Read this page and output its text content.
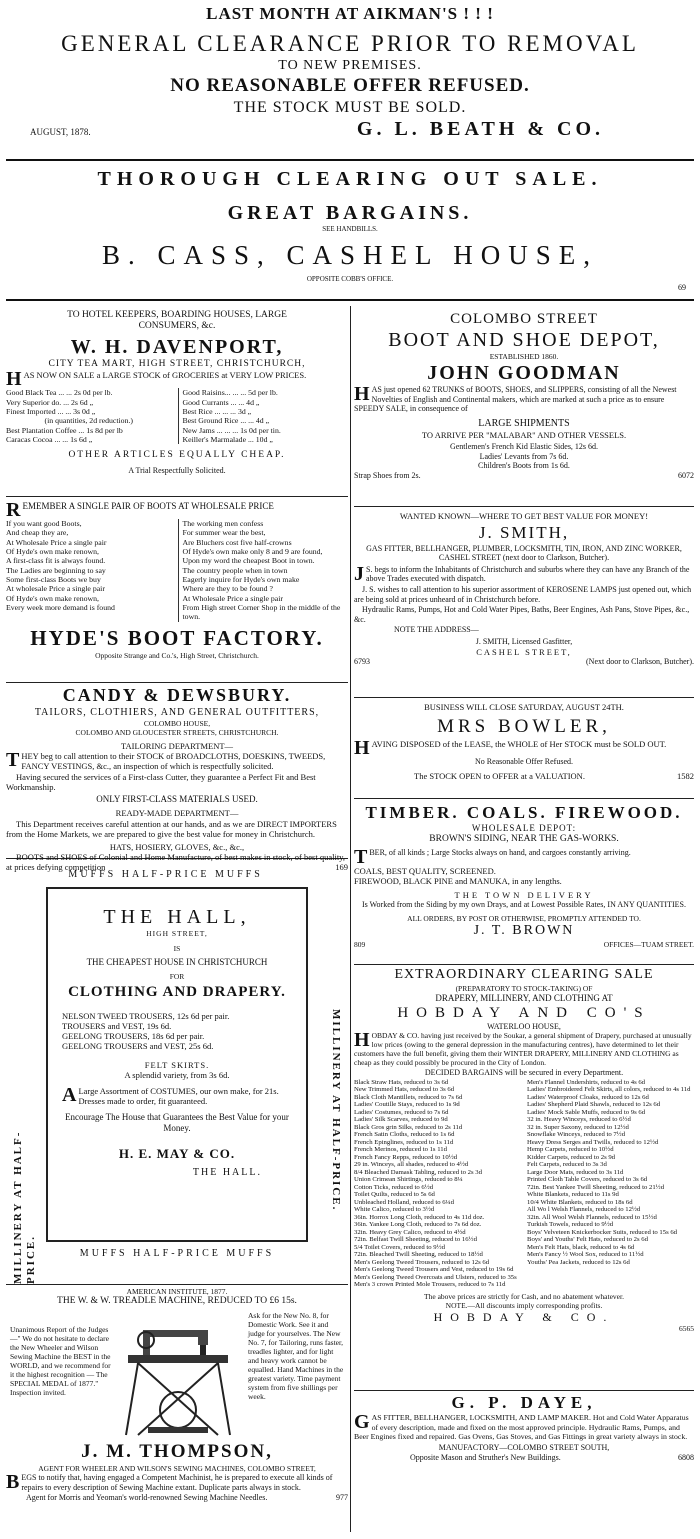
LAST MONTH AT AIKMAN'S ! ! !
GENERAL CLEARANCE PRIOR TO REMOVAL
TO NEW PREMISES.
NO REASONABLE OFFER REFUSED.
THE STOCK MUST BE SOLD.
AUGUST, 1878.	G. L. BEATH & CO.
THOROUGH CLEARING OUT SALE.
GREAT BARGAINS.
SEE HANDBILLS.
B. CASS, CASHEL HOUSE,
OPPOSITE COBB'S OFFICE.
69
TO HOTEL KEEPERS, BOARDING HOUSES, LARGE CONSUMERS, &c.
W. H. DAVENPORT,
CITY TEA MART, HIGH STREET, CHRISTCHURCH,

HAS NOW ON SALE a LARGE STOCK of GROCERIES at VERY LOW PRICES.

Good Black Tea ... ... 2s 0d per lb.
Very Superior do. ... 2s 6d „
Finest Imported ... ... 3s 0d „
(in quantities, 2d reduction.)
Best Plantation Coffee ... 1s 8d per lb
Caracas Cocoa ... ... 1s 6d „
Good Raisins... ... ... 5d per lb.
Good Currants ... ... 4d „
Best Rice ... ... ... 3d „
Best Ground Rice ... ... 4d „
New Jams ... ... ... 1s 0d per tin.
Keiller's Marmalade ... 10d „
OTHER ARTICLES EQUALLY CHEAP.
A Trial Respectfully Solicited.

REMEMBER A SINGLE PAIR OF BOOTS AT WHOLESALE PRICE

If you want good Boots,
And cheap they are,
At Wholesale Price a single pair
Of Hyde's own make renown,
A first-class fit is always found.
The Ladies are beginning to say
Some first-class Boots we buy
At wholesale Price a single pair
Of Hyde's own make renown,
Every week more demand is found
The working men confess
For summer wear the best,
Are Bluchers cost five half-crowns
Of Hyde's own make only 8 and 9 are found,
Upon my word the cheapest Boot in town.
The country people when in town
Eagerly inquire for Hyde's own make
Where are they to be found ?
At Wholesale Price a single pair
From High street Corner Shop in the middle of the town.
HYDE'S BOOT FACTORY.
Opposite Strange and Co.'s, High Street, Christchurch.
CANDY & DEWSBURY.
TAILORS, CLOTHIERS, AND GENERAL OUTFITTERS,
COLOMBO HOUSE,
COLOMBO AND GLOUCESTER STREETS, CHRISTCHURCH.
TAILORING DEPARTMENT—

THEY beg to call attention to their STOCK of BROADCLOTHS, DOESKINS, TWEEDS, FANCY VESTINGS, &c., an inspection of which is respectfully solicited.

Having secured the services of a First-class Cutter, they guarantee a Perfect Fit and Best Workmanship.

ONLY FIRST-CLASS MATERIALS USED.
READY-MADE DEPARTMENT—

This Department receives careful attention at our hands, and as we are DIRECT IMPORTERS from the Home Markets, we are prepared to give the best value for money in Christchurch.

HATS, HOSIERY, GLOVES, &c., &c.,

BOOTS and SHOES of Colonial and Home Manufacture, of best makes in stock, of best quality, at prices defying competition	169

MUFFS HALF-PRICE MUFFS
MILLINERY AT HALF-PRICE.
MILLINERY AT HALF-PRICE.
THE HALL,
HIGH STREET,
IS
THE CHEAPEST HOUSE IN CHRISTCHURCH
FOR
CLOTHING AND DRAPERY.
NELSON TWEED TROUSERS, 12s 6d per pair.
TROUSERS and VEST, 19s 6d.
GEELONG TROUSERS, 18s 6d per pair.
GEELONG TROUSERS and VEST, 25s 6d.
FELT SKIRTS.
A splendid variety, from 3s 6d.

A Large Assortment of COSTUMES, our own make, for 21s. Dresses made to order, fit guaranteed.

Encourage The House that Guarantees the Best Value for your Money.
H. E. MAY & CO.
THE HALL.
MUFFS HALF-PRICE MUFFS
AMERICAN INSTITUTE, 1877.
THE W. & W. TREADLE MACHINE, REDUCED TO £6 15s.
Unanimous Report of the Judges—" We do not hesitate to declare the New Wheeler and Wilson Sewing Machine the BEST in the WORLD, and we recommend for it the highest recognition — The SPECIAL MEDAL of 1877." Inspection invited.
Ask for the New No. 8, for Domestic Work. See it and judge for yourselves. The New No. 7, for Tailoring, runs faster, treadles lighter, and for light and heavy work cannot be equalled. Hand Machines in the greatest variety. Time payment system from five shillings per week.
J. M. THOMPSON,
AGENT FOR WHEELER AND WILSON'S SEWING MACHINES, COLOMBO STREET,

BEGS to notify that, having engaged a Competent Machinist, he is prepared to execute all kinds of repairs to every description of Sewing Machine extant. Duplicate parts always in stock.

Agent for Morris and Yeoman's world-renowned Sewing Machine Needles.	977

COLOMBO STREET
BOOT AND SHOE DEPOT,
ESTABLISHED 1860.
JOHN GOODMAN

HAS just opened 62 TRUNKS of BOOTS, SHOES, and SLIPPERS, consisting of all the Newest Novelties of English and Continental makers, which are marked at such a price as to ensure SPEEDY SALE, in consequence of

LARGE SHIPMENTS
TO ARRIVE PER "MALABAR" AND OTHER VESSELS.
Gentlemen's French Kid Elastic Sides, 12s 6d.
Ladies' Levants from 7s 6d.
Children's Boots from 1s 6d.
Strap Shoes from 2s.	6072
WANTED KNOWN—WHERE TO GET BEST VALUE FOR MONEY!
J. SMITH,
GAS FITTER, BELLHANGER, PLUMBER, LOCKSMITH, TIN, IRON, AND ZINC WORKER,
CASHEL STREET (next door to Clarkson, Butcher).

J S. begs to inform the Inhabitants of Christchurch and suburbs where they can have any Branch of the above Trades executed with dispatch.

J. S. wishes to call attention to his superior assortment of KEROSENE LAMPS just opened out, which are being sold at prices unheard of in Christchurch before.

Hydraulic Rams, Pumps, Hot and Cold Water Pipes, Baths, Beer Engines, Ash Pans, Stove Pipes, &c., &c.

NOTE THE ADDRESS—
J. SMITH, Licensed Gasfitter,
CASHEL STREET,
6793	(Next door to Clarkson, Butcher).
BUSINESS WILL CLOSE SATURDAY, AUGUST 24TH.
MRS BOWLER,

HAVING DISPOSED of the LEASE, the WHOLE of Her STOCK must be SOLD OUT.

No Reasonable Offer Refused.
The STOCK OPEN to OFFER at a VALUATION.	1582
TIMBER. COALS. FIREWOOD.
WHOLESALE DEPOT:
BROWN'S SIDING, NEAR THE GAS-WORKS.

TBER, of all kinds ; Large Stocks always on hand, and cargoes constantly arriving.

COALS, BEST QUALITY, SCREENED.
FIREWOOD, BLACK PINE and MANUKA, in any lengths.
THE TOWN DELIVERY
Is Worked from the Siding by my own Drays, and at Lowest Possible Rates, IN ANY QUANTITIES.
ALL ORDERS, BY POST OR OTHERWISE, PROMPTLY ATTENDED TO.
J. T. BROWN
809	OFFICES—TUAM STREET.
EXTRAORDINARY CLEARING SALE
(PREPARATORY TO STOCK-TAKING) OF
DRAPERY, MILLINERY, AND CLOTHING AT
HOBDAY AND CO'S
WATERLOO HOUSE,

HOBDAY & CO. having just received by the Soukar, a general shipment of Drapery, purchased at unusually low prices (owing to the general depression in the manufacturing centres), have determined to let their customers have the full benefit, giving them their WINTER DRAPERY, MILLINERY AND CLOTHING as cheap as they could possibly be procured in the City of London.

DECIDED BARGAINS will be secured in every Department.
Black Straw Hats, reduced to 3s 6d
New Trimmed Hats, reduced to 3s 6d
Black Cloth Mantillets, reduced to 7s 6d
Ladies' Coutille Stays, reduced to 1s 9d
Ladies' Costumes, reduced to 7s 6d
Ladies' Silk Scarves, reduced to 9d
Black Gros grin Silks, reduced to 2s 11d
French Satin Cloths, reduced to 1s 6d
French Epinglines, reduced to 1s 11d
French Merinos, reduced to 1s 11d
French Fancy Repps, reduced to 10½d
29 in. Winceys, all shades, reduced to 4½d
8/4 Bleached Damask Tabling, reduced to 2s 3d
Union Crimean Shirtings, reduced to 8¼
Cotton Ticks, reduced to 6½d
Toilet Quilts, reduced to 5s 6d
Unbleached Holland, reduced to 6¼d
White Calico, reduced to 3½d
36in. Horrox Long Cloth, reduced to 4s 11d doz.
36in. Yankee Long Cloth, reduced to 7s 6d doz.
32in. Heavy Grey Calico, reduced to 4½d
72in. Belfast Twill Sheeting, reduced to 16½d
5/4 Toilet Covers, reduced to 9½d
72in. Bleached Twill Sheeting, reduced to 18½d
Men's Geelong Tweed Trousers, reduced to 12s 6d
Men's Geelong Tweed Trousers and Vest, reduced to 19s 6d
Men's Geelong Tweed Overcoats and Ulsters, reduced to 35s
Men's 3 crown Printed Mole Trousers, reduced to 7s 11d
Men's Flannel Undershirts, reduced to 4s 6d
Ladies' Embroidered Felt Skirts, all colors, reduced to 4s 11d
Ladies' Waterproof Cloaks, reduced to 12s 6d
Ladies' Shepherd Plaid Shawls, reduced to 12s 6d
Ladies' Mock Sable Muffs, reduced to 9s 6d
32 in. Heavy Winceys, reduced to 6½d
32 in. Super Saxony, reduced to 12½d
Snowflake Winceys, reduced to 7½d
Heavy Dress Serges and Twills, reduced to 12½d
Hemp Carpets, reduced to 10½d
Kidder Carpets, reduced to 2s 9d
Felt Carpets, reduced to 3s 3d
Large Door Mats, reduced to 3s 11d
Printed Cloth Table Covers, reduced to 3s 6d
72in. Best Yankee Twill Sheeting, reduced to 21½d
White Blankets, reduced to 11s 9d
10/4 White Blankets, reduced to 18s 6d
All Wo l Welsh Flannels, reduced to 12½d
32in. All Wool Welsh Flannels, reduced to 15½d
Turkish Towels, reduced to 9½d
Boys' Velveteen Knickerbocker Suits, reduced to 15s 6d
Boys' and Youths' Felt Hats, reduced to 2s 6d
Men's Felt Hats, black, reduced to 4s 6d
Men's Fancy ½ Wool Sox, reduced to 11½d
Youths' Pea Jackets, reduced to 12s 6d
The above prices are strictly for Cash, and no abatement whatever.
NOTE.—All discounts imply corresponding profits.
HOBDAY & CO.
6565
G. P. DAYE,

GAS FITTER, BELLHANGER, LOCKSMITH, AND LAMP MAKER. Hot and Cold Water Apparatus of every description, made and fixed on the most approved principle. Hydraulic Rams, Pumps, and Beer Engines fixed and repaired. Gas Ovens, Gas Stoves, and Gas Fittings in great variety always in stock.

MANUFACTORY—COLOMBO STREET SOUTH,
Opposite Mason and Struther's New Buildings.	6808
